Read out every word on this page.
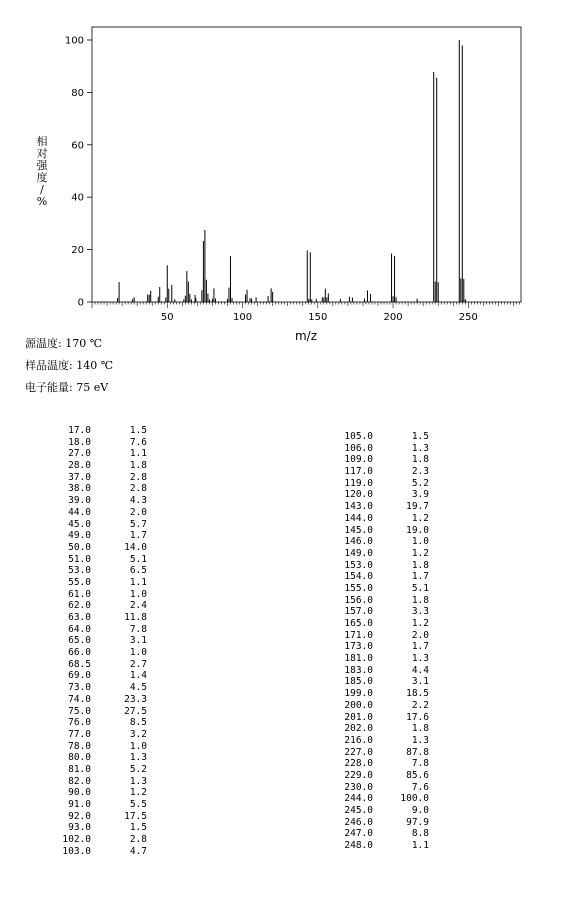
0
20
40
60
80
100
50	100	150	200	250
m/z
相
对
强
度
/
%
源温度: 170 ℃
样品温度: 140 ℃
电子能量: 75 eV
17.0	1.5
18.0	7.6
27.0	1.1
28.0	1.8
37.0	2.8
38.0	2.8
39.0	4.3
44.0	2.0
45.0	5.7
49.0	1.7
50.0	14.0
51.0	5.1
53.0	6.5
55.0	1.1
61.0	1.0
62.0	2.4
63.0	11.8
64.0	7.8
65.0	3.1
66.0	1.0
68.5	2.7
69.0	1.4
73.0	4.5
74.0	23.3
75.0	27.5
76.0	8.5
77.0	3.2
78.0	1.0
80.0	1.3
81.0	5.2
82.0	1.3
90.0	1.2
91.0	5.5
92.0	17.5
93.0	1.5
102.0	2.8
103.0	4.7
105.0	1.5
106.0	1.3
109.0	1.8
117.0	2.3
119.0	5.2
120.0	3.9
143.0	19.7
144.0	1.2
145.0	19.0
146.0	1.0
149.0	1.2
153.0	1.8
154.0	1.7
155.0	5.1
156.0	1.8
157.0	3.3
165.0	1.2
171.0	2.0
173.0	1.7
181.0	1.3
183.0	4.4
185.0	3.1
199.0	18.5
200.0	2.2
201.0	17.6
202.0	1.8
216.0	1.3
227.0	87.8
228.0	7.8
229.0	85.6
230.0	7.6
244.0	100.0
245.0	9.0
246.0	97.9
247.0	8.8
248.0	1.1
